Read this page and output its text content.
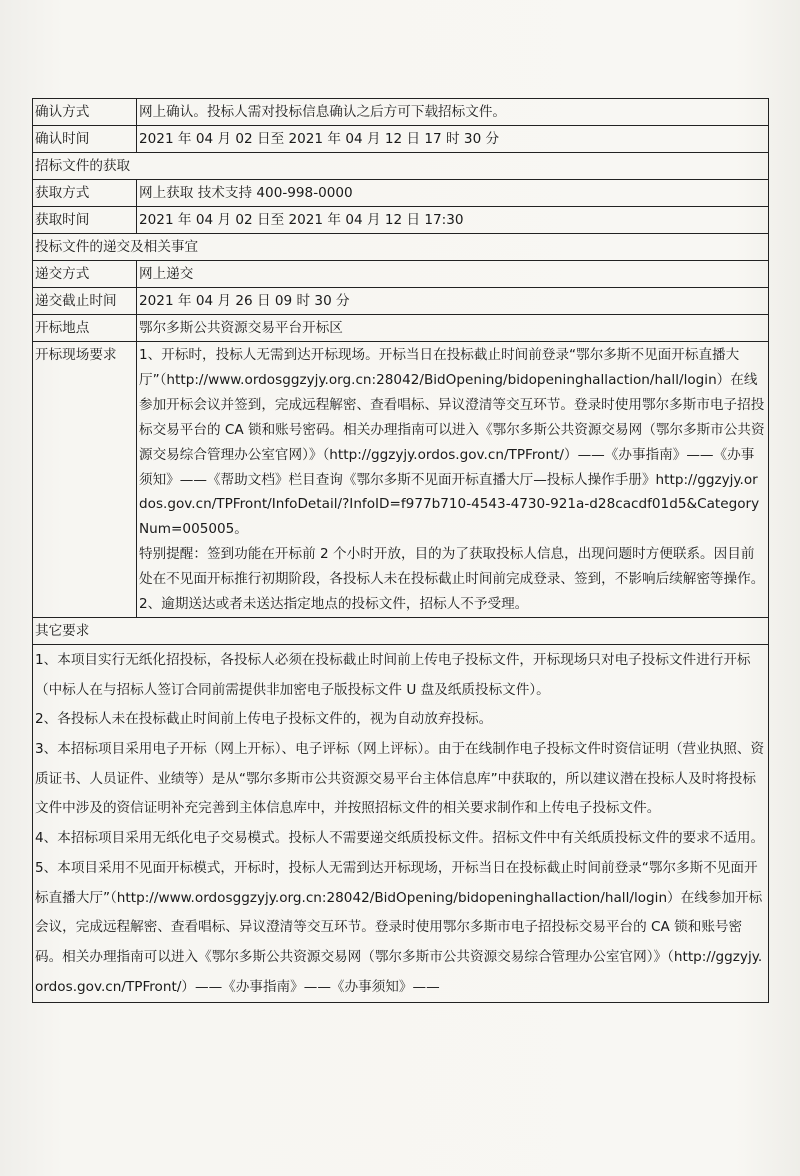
确认方式	网上确认。投标人需对投标信息确认之后方可下载招标文件。
确认时间	2021 年 04 月 02 日至 2021 年 04 月 12 日 17 时 30 分
招标文件的获取	
获取方式	网上获取 技术支持 400-998-0000
获取时间	2021 年 04 月 02 日至 2021 年 04 月 12 日 17:30
投标文件的递交及相关事宜	
递交方式	网上递交
递交截止时间	2021 年 04 月 26 日 09 时 30 分
开标地点	鄂尔多斯公共资源交易平台开标区
开标现场要求	1、开标时，投标人无需到达开标现场。开标当日在投标截止时间前登录“鄂尔多斯不见面开标直播大厅”（http://www.ordosggzyjy.org.cn:28042/BidOpening/bidopeninghallaction/hall/login）在线参加开标会议并签到，完成远程解密、查看唱标、异议澄清等交互环节。登录时使用鄂尔多斯市电子招投标交易平台的 CA 锁和账号密码。相关办理指南可以进入《鄂尔多斯公共资源交易网（鄂尔多斯市公共资源交易综合管理办公室官网）》（http://ggzyjy.ordos.gov.cn/TPFront/）——《办事指南》——《办事须知》——《帮助文档》栏目查询《鄂尔多斯不见面开标直播大厅—投标人操作手册》http://ggzyjy.ordos.gov.cn/TPFront/InfoDetail/?InfoID=f977b710-4543-4730-921a-d28cacdf01d5&CategoryNum=005005。

特别提醒：签到功能在开标前 2 个小时开放，目的为了获取投标人信息，出现问题时方便联系。因目前处在不见面开标推行初期阶段，各投标人未在投标截止时间前完成登录、签到，不影响后续解密等操作。

2、逾期送达或者未送达指定地点的投标文件，招标人不予受理。

其它要求	

1、本项目实行无纸化招投标，各投标人必须在投标截止时间前上传电子投标文件，开标现场只对电子投标文件进行开标（中标人在与招标人签订合同前需提供非加密电子版投标文件 U 盘及纸质投标文件）。

2、各投标人未在投标截止时间前上传电子投标文件的，视为自动放弃投标。

3、本招标项目采用电子开标（网上开标）、电子评标（网上评标）。由于在线制作电子投标文件时资信证明（营业执照、资质证书、人员证件、业绩等）是从“鄂尔多斯市公共资源交易平台主体信息库”中获取的，所以建议潜在投标人及时将投标文件中涉及的资信证明补充完善到主体信息库中，并按照招标文件的相关要求制作和上传电子投标文件。

4、本招标项目采用无纸化电子交易模式。投标人不需要递交纸质投标文件。招标文件中有关纸质投标文件的要求不适用。

5、本项目采用不见面开标模式，开标时，投标人无需到达开标现场，开标当日在投标截止时间前登录“鄂尔多斯不见面开标直播大厅”（http://www.ordosggzyjy.org.cn:28042/BidOpening/bidopeninghallaction/hall/login）在线参加开标会议，完成远程解密、查看唱标、异议澄清等交互环节。登录时使用鄂尔多斯市电子招投标交易平台的 CA 锁和账号密码。相关办理指南可以进入《鄂尔多斯公共资源交易网（鄂尔多斯市公共资源交易综合管理办公室官网）》（http://ggzyjy.ordos.gov.cn/TPFront/）——《办事指南》——《办事须知》——	
